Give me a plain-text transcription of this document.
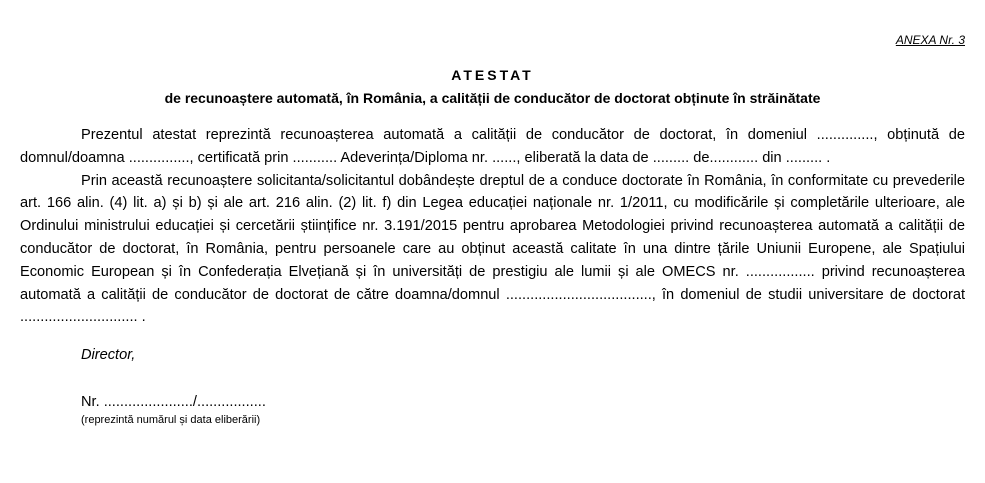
ANEXA Nr. 3
ATESTAT
de recunoaștere automată, în România, a calității de conducător de doctorat obținute în străinătate

Prezentul atestat reprezintă recunoașterea automată a calității de conducător de doctorat, în domeniul .............., obținută de domnul/doamna ..............., certificată prin ........... Adeverința/Diploma nr. ......, eliberată la data de ......... de............ din ......... .

Prin această recunoaștere solicitanta/solicitantul dobândește dreptul de a conduce doctorate în România, în conformitate cu prevederile art. 166 alin. (4) lit. a) și b) și ale art. 216 alin. (2) lit. f) din Legea educației naționale nr. 1/2011, cu modificările și completările ulterioare, ale Ordinului ministrului educației și cercetării științifice nr. 3.191/2015 pentru aprobarea Metodologiei privind recunoașterea automată a calității de conducător de doctorat, în România, pentru persoanele care au obținut această calitate în una dintre țările Uniunii Europene, ale Spațiului Economic European și în Confederația Elvețiană și în universități de prestigiu ale lumii și ale OMECS nr. ................. privind recunoașterea automată a calității de conducător de doctorat de către doamna/domnul ...................................., în domeniul de studii universitare de doctorat ............................. .

Director,
Nr. ....................../.................
(reprezintă numărul și data eliberării)
